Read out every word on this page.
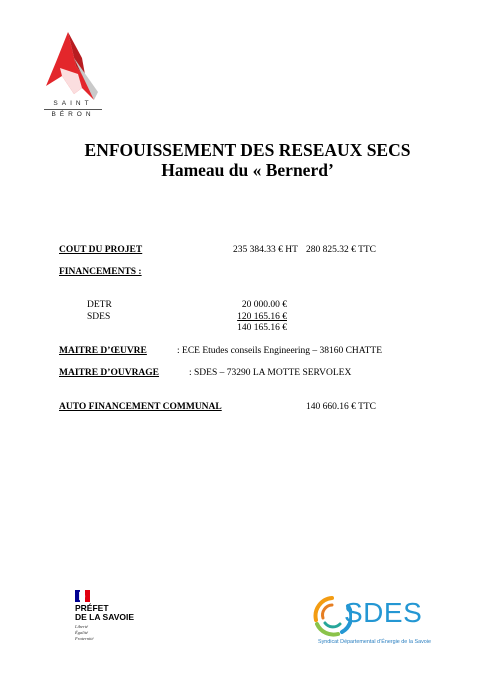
SAINT
BÉRON
ENFOUISSEMENT DES RESEAUX SECS
Hameau du « Bernerd’
COUT DU PROJET	235 384.33 € HT 280 825.32 € TTC
FINANCEMENTS :
DETR	20 000.00 €
SDES	120 165.16 €
140 165.16 €
MAITRE D’ŒUVRE	: ECE Etudes conseils Engineering – 38160 CHATTE
MAITRE D’OUVRAGE	: SDES – 73290 LA MOTTE SERVOLEX
AUTO FINANCEMENT COMMUNAL	140 660.16 € TTC
PRÉFET
DE LA SAVOIE
Liberté
Égalité
Fraternité
SDES
Syndicat Départemental d’Énergie de la Savoie
